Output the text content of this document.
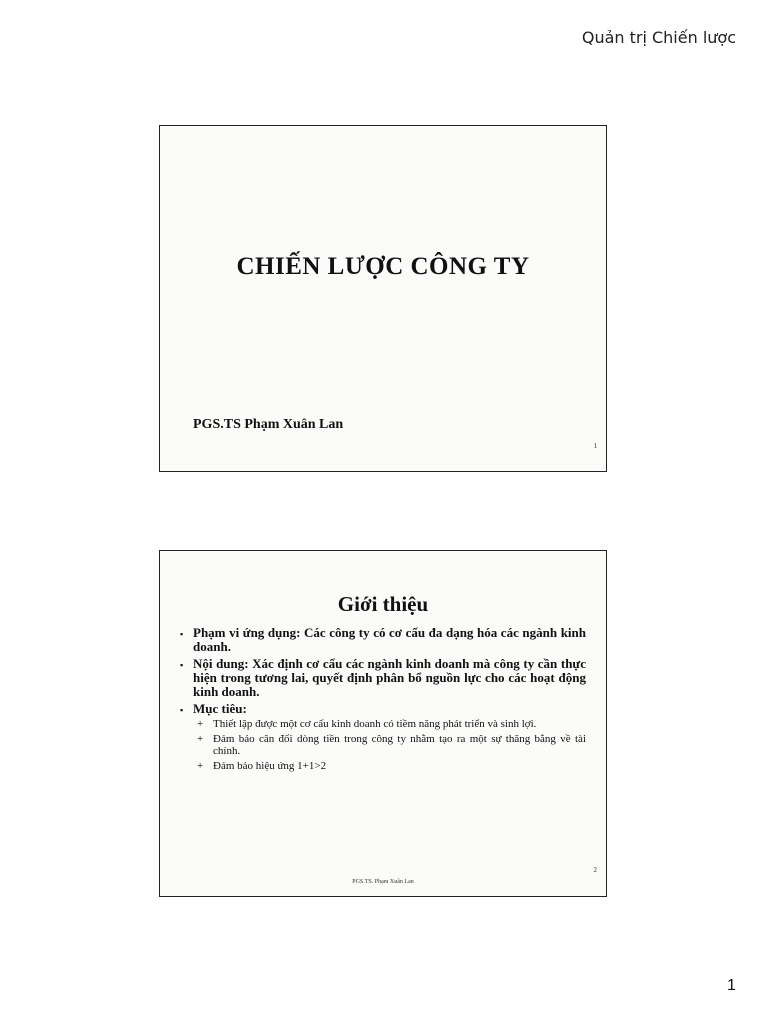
Quản trị Chiến lược
CHIẾN LƯỢC CÔNG TY
PGS.TS Phạm Xuân Lan
1
Giới thiệu
▪ Phạm vi ứng dụng: Các công ty có cơ cấu đa dạng hóa các ngành kinh doanh.
▪ Nội dung: Xác định cơ cấu các ngành kinh doanh mà công ty cần thực hiện trong tương lai, quyết định phân bổ nguồn lực cho các hoạt động kinh doanh.
▪ Mục tiêu:
+ Thiết lập được một cơ cấu kinh doanh có tiềm năng phát triển và sinh lợi.
+ Đảm bảo cân đối dòng tiền trong công ty nhằm tạo ra một sự thăng bằng về tài chính.
+ Đảm bảo hiệu ứng 1+1>2
2
PGS.TS. Phạm Xuân Lan
1
